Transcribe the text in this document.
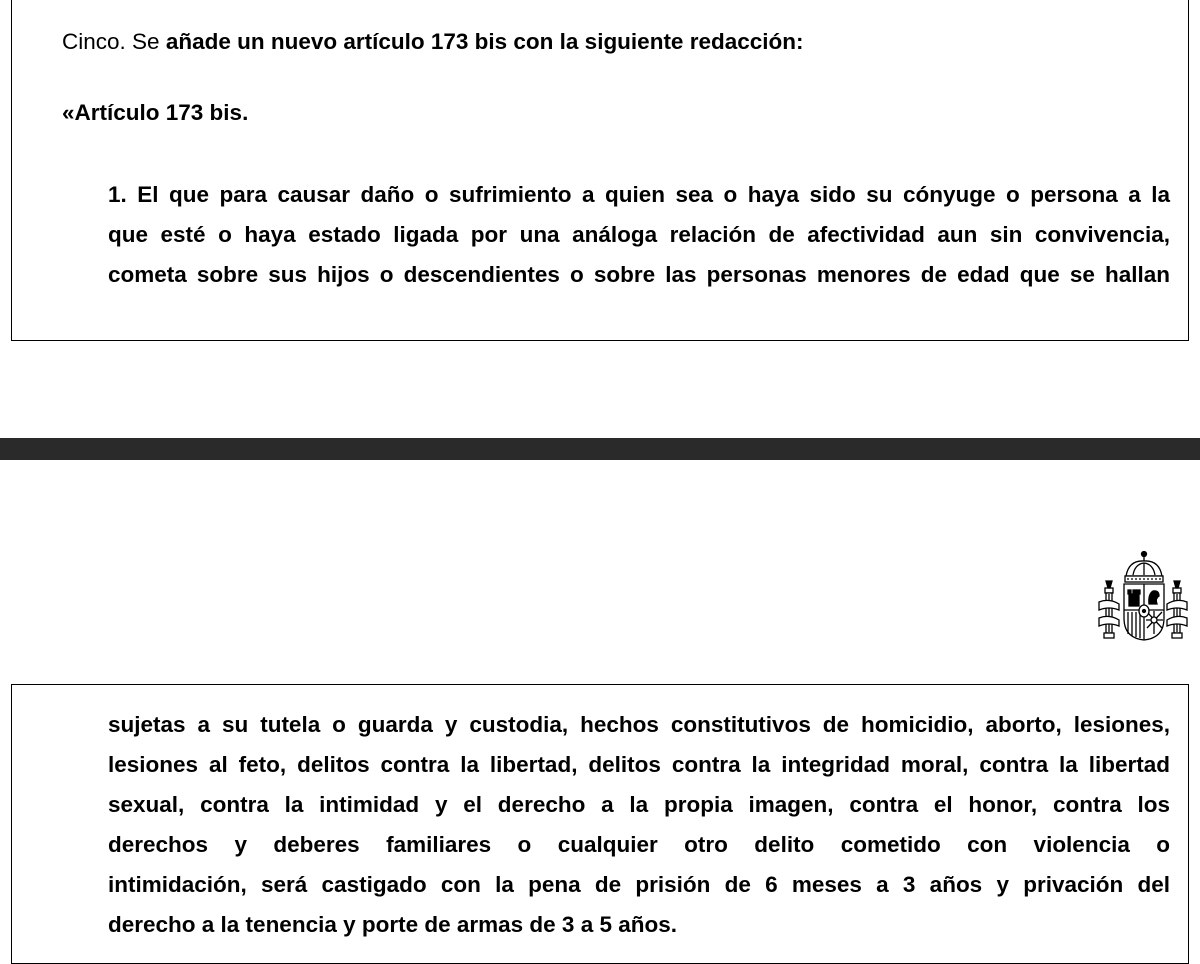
Cinco. Se añade un nuevo artículo 173 bis con la siguiente redacción:
«Artículo 173 bis.
1. El que para causar daño o sufrimiento a quien sea o haya sido su cónyuge o persona a la
que esté o haya estado ligada por una análoga relación de afectividad aun sin convivencia,
cometa sobre sus hijos o descendientes o sobre las personas menores de edad que se hallan
sujetas a su tutela o guarda y custodia, hechos constitutivos de homicidio, aborto, lesiones,
lesiones al feto, delitos contra la libertad, delitos contra la integridad moral, contra la libertad
sexual, contra la intimidad y el derecho a la propia imagen, contra el honor, contra los
derechos y deberes familiares o cualquier otro delito cometido con violencia o
intimidación, será castigado con la pena de prisión de 6 meses a 3 años y privación del
derecho a la tenencia y porte de armas de 3 a 5 años.
